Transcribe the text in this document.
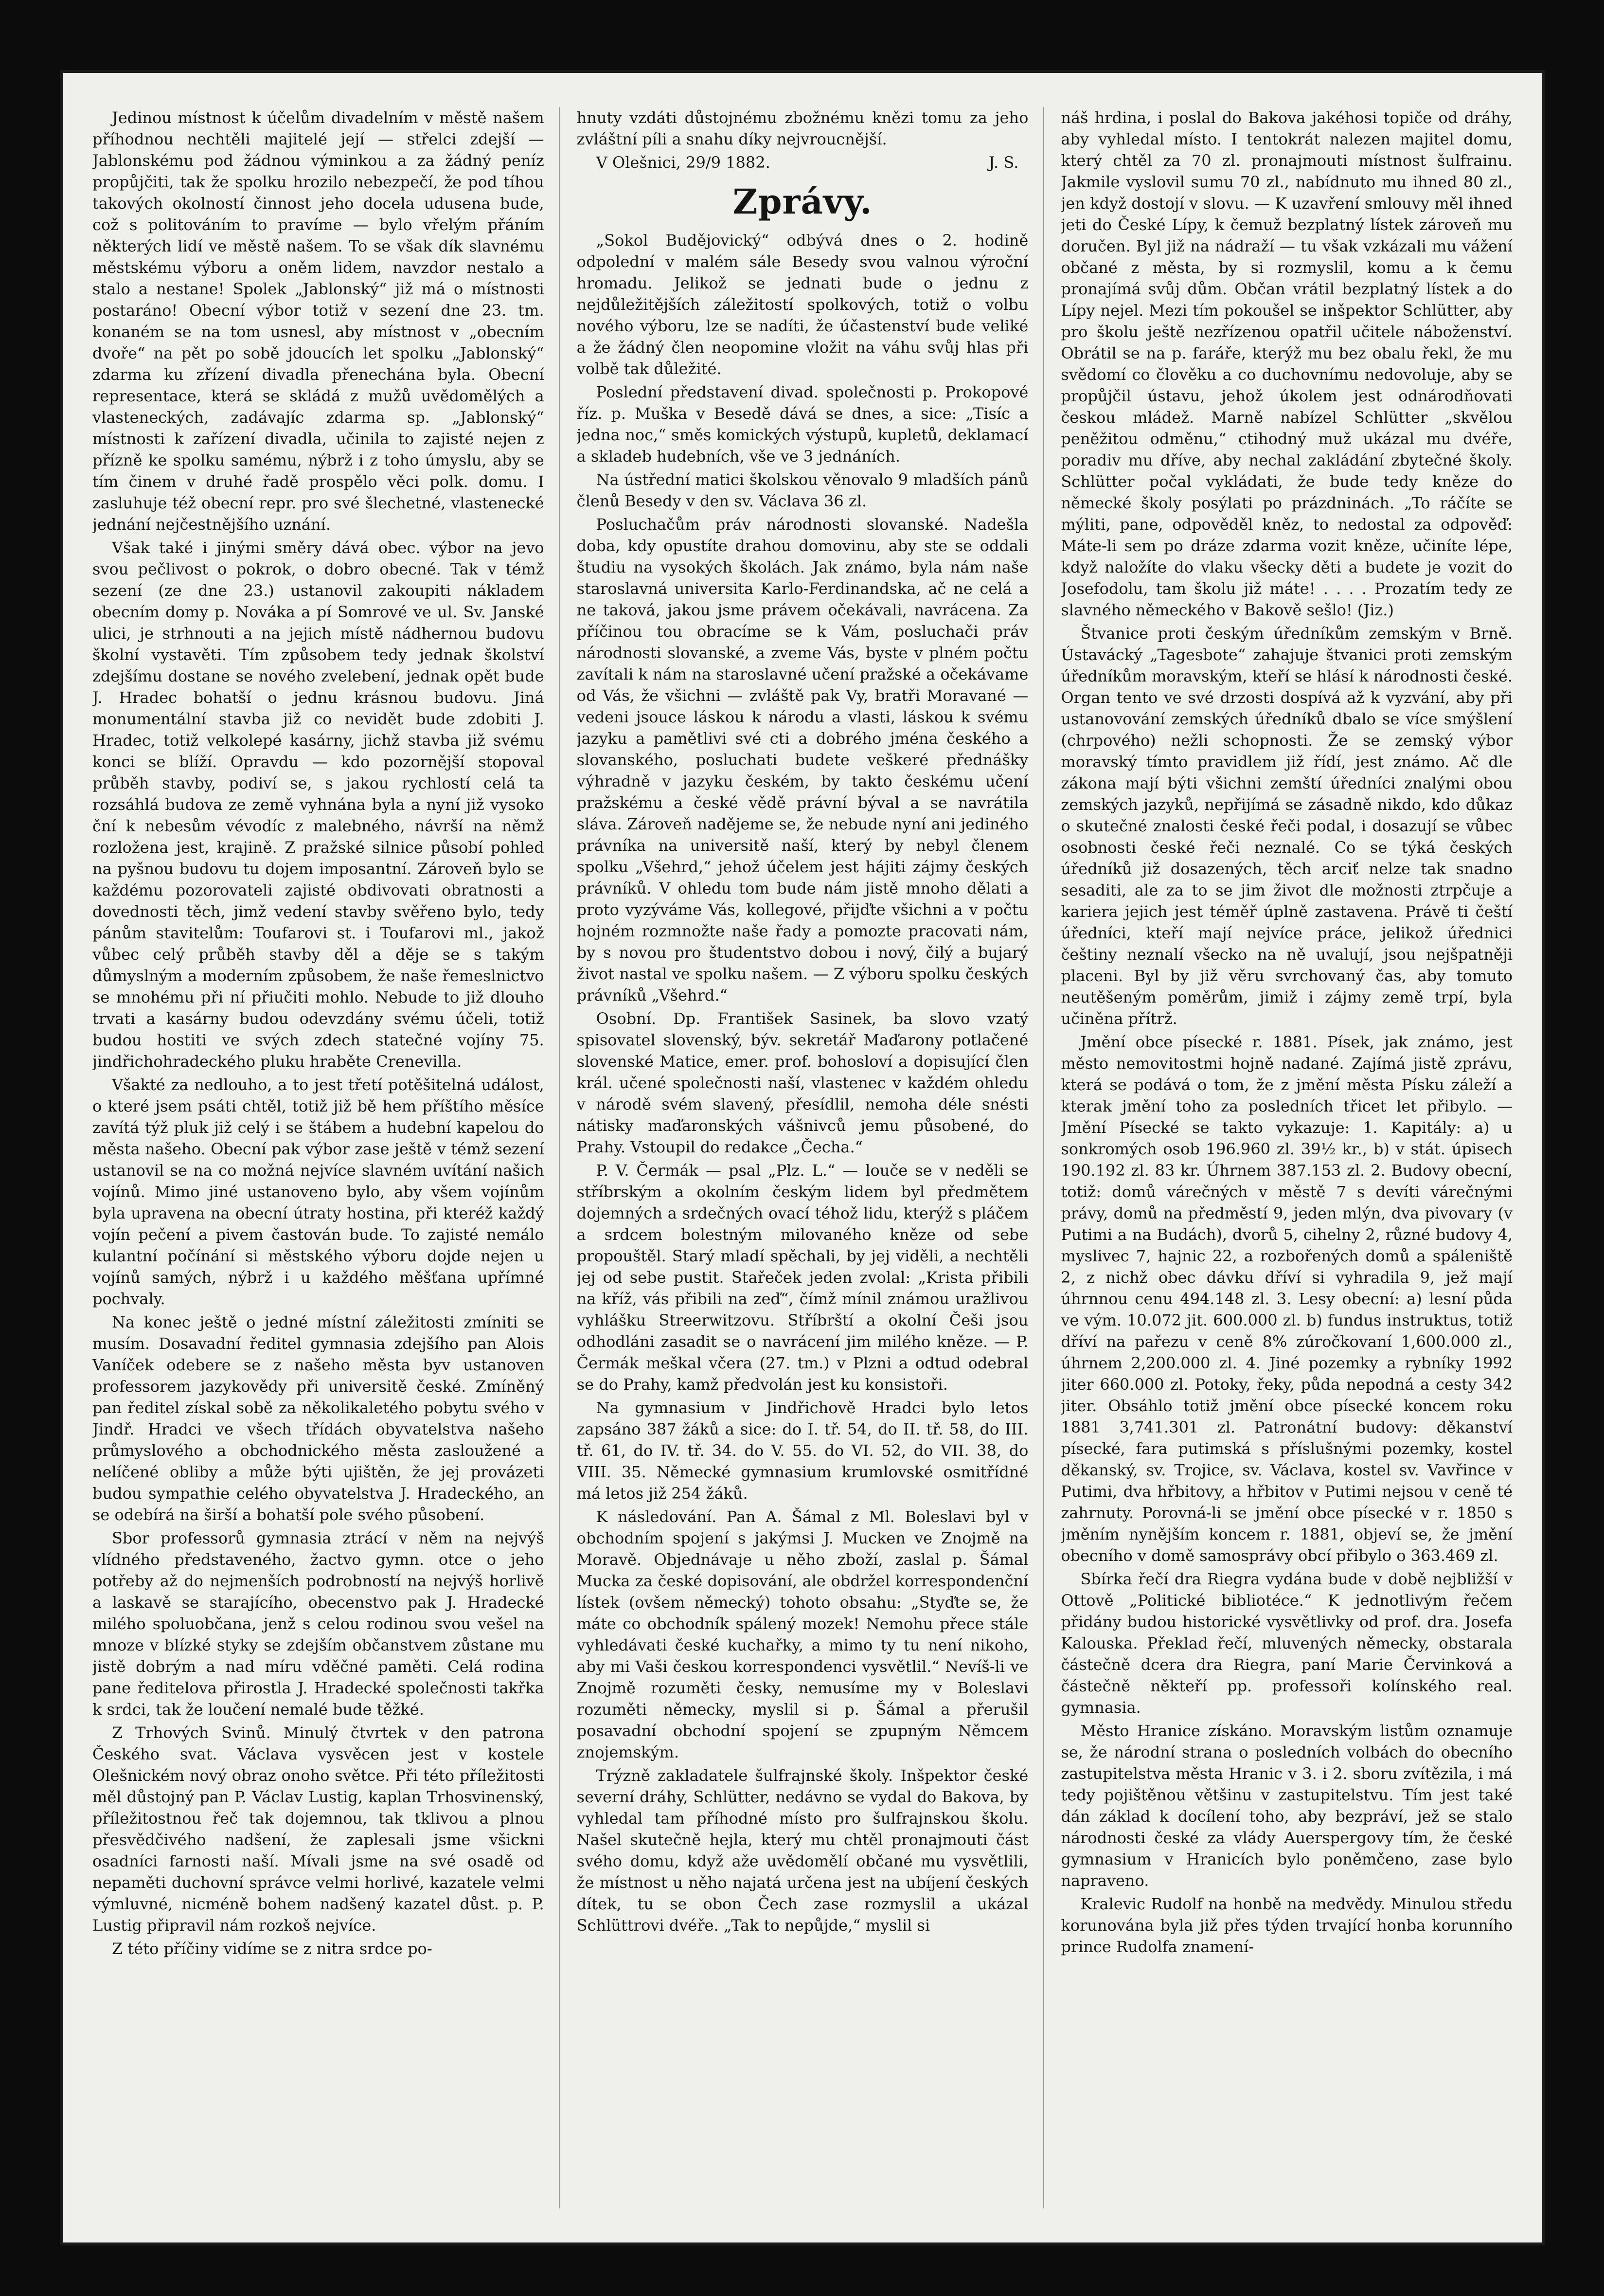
Jedinou místnost k účelům divadelním v městě našem příhodnou nechtěli majitelé její — střelci zdejší — Jablonskému pod žádnou výminkou a za žádný peníz propůjčiti, tak že spolku hrozilo nebezpečí, že pod tíhou takových okolností činnost jeho docela udusena bude, což s politováním to pravíme — bylo vřelým přáním některých lidí ve městě našem. To se však dík slavnému městskému výboru a oněm lidem, navzdor nestalo a stalo a nestane! Spolek „Jablonský“ již má o místnosti postaráno! Obecní výbor totiž v sezení dne 23. tm. konaném se na tom usnesl, aby místnost v „obecním dvoře“ na pět po sobě jdoucích let spolku „Jablonský“ zdarma ku zřízení divadla přenechána byla. Obecní representace, která se skládá z mužů uvědomělých a vlasteneckých, zadávajíc zdarma sp. „Jablonský“ místnosti k zařízení divadla, učinila to zajisté nejen z přízně ke spolku samému, nýbrž i z toho úmyslu, aby se tím činem v druhé řadě prospělo věci polk. domu. I zasluhuje též obecní repr. pro své šlechetné, vlastenecké jednání nejčestnějšího uznání.

Však také i jinými směry dává obec. výbor na jevo svou pečlivost o pokrok, o dobro obecné. Tak v témž sezení (ze dne 23.) ustanovil zakoupiti nákladem obecním domy p. Nováka a pí Somrové ve ul. Sv. Janské ulici, je strhnouti a na jejich místě nádhernou budovu školní vystavěti. Tím způsobem tedy jednak školství zdejšímu dostane se nového zvelebení, jednak opět bude J. Hradec bohatší o jednu krásnou budovu. Jiná monumentální stavba již co nevidět bude zdobiti J. Hradec, totiž velkolepé kasárny, jichž stavba již svému konci se blíží. Opravdu — kdo pozornější stopoval průběh stavby, podiví se, s jakou rychlostí celá ta rozsáhlá budova ze země vyhnána byla a nyní již vysoko ční k nebesům vévodíc z malebného, návrší na němž rozložena jest, krajině. Z pražské silnice působí pohled na pyšnou budovu tu dojem imposantní. Zároveň bylo se každému pozorovateli zajisté obdivovati obratnosti a dovednosti těch, jimž vedení stavby svěřeno bylo, tedy pánům stavitelům: Toufarovi st. i Toufarovi ml., jakož vůbec celý průběh stavby děl a děje se s takým důmyslným a moderním způsobem, že naše řemeslnictvo se mnohému při ní přiučiti mohlo. Nebude to již dlouho trvati a kasárny budou odevzdány svému účeli, totiž budou hostiti ve svých zdech statečné vojíny 75. jindřichohradeckého pluku hraběte Crenevilla.

Všakté za nedlouho, a to jest třetí potěšitelná událost, o které jsem psáti chtěl, totiž již bě hem příštího měsíce zavítá týž pluk již celý i se štábem a hudební kapelou do města našeho. Obecní pak výbor zase ještě v témž sezení ustanovil se na co možná nejvíce slavném uvítání našich vojínů. Mimo jiné ustanoveno bylo, aby všem vojínům byla upravena na obecní útraty hostina, při kteréž každý vojín pečení a pivem častován bude. To zajisté nemálo kulantní počínání si městského výboru dojde nejen u vojínů samých, nýbrž i u každého měšťana upřímné pochvaly.

Na konec ještě o jedné místní záležitosti zmíniti se musím. Dosavadní ředitel gymnasia zdejšího pan Alois Vaníček odebere se z našeho města byv ustanoven professorem jazykovědy při universitě české. Zmíněný pan ředitel získal sobě za několikaletého pobytu svého v Jindř. Hradci ve všech třídách obyvatelstva našeho průmyslového a obchodnického města zasloužené a nelíčené obliby a může býti ujištěn, že jej provázeti budou sympathie celého obyvatelstva J. Hradeckého, an se odebírá na širší a bohatší pole svého působení.

Sbor professorů gymnasia ztrácí v něm na nejvýš vlídného představeného, žactvo gymn. otce o jeho potřeby až do nejmenších podrobností na nejvýš horlivě a laskavě se starajícího, obecenstvo pak J. Hradecké milého spoluobčana, jenž s celou rodinou svou vešel na mnoze v blízké styky se zdejším občanstvem zůstane mu jistě dobrým a nad míru vděčné paměti. Celá rodina pane ředitelova přirostla J. Hradecké společnosti takřka k srdci, tak že loučení nemalé bude těžké.

Z Trhových Svinů. Minulý čtvrtek v den patrona Českého svat. Václava vysvěcen jest v kostele Olešnickém nový obraz onoho světce. Při této příležitosti měl důstojný pan P. Václav Lustig, kaplan Trhosvinenský, příležitostnou řeč tak dojemnou, tak tklivou a plnou přesvědčivého nadšení, že zaplesali jsme všickni osadníci farnosti naší. Mívali jsme na své osadě od nepaměti duchovní správce velmi horlivé, kazatele velmi výmluvné, nicméně bohem nadšený kazatel důst. p. P. Lustig připravil nám rozkoš nejvíce.

Z této příčiny vidíme se z nitra srdce po-

hnuty vzdáti důstojnému zbožnému knězi tomu za jeho zvláštní píli a snahu díky nejvroucnější.

V Olešnici, 29/9 1882.	J. S.
Zprávy.

„Sokol Budějovický“ odbývá dnes o 2. hodině odpolední v malém sále Besedy svou valnou výroční hromadu. Jelikož se jednati bude o jednu z nejdůležitějších záležitostí spolkových, totiž o volbu nového výboru, lze se nadíti, že účastenství bude veliké a že žádný člen neopomine vložit na váhu svůj hlas při volbě tak důležité.

Poslední představení divad. společnosti p. Prokopové říz. p. Muška v Besedě dává se dnes, a sice: „Tisíc a jedna noc,“ směs komických výstupů, kupletů, deklamací a skladeb hudebních, vše ve 3 jednáních.

Na ústřední matici školskou věnovalo 9 mladších pánů členů Besedy v den sv. Václava 36 zl.

Posluchačům práv národnosti slovanské. Nadešla doba, kdy opustíte drahou domovinu, aby ste se oddali študiu na vysokých školách. Jak známo, byla nám naše staroslavná universita Karlo-Ferdinandska, ač ne celá a ne taková, jakou jsme právem očekávali, navrácena. Za příčinou tou obracíme se k Vám, posluchači práv národnosti slovanské, a zveme Vás, byste v plném počtu zavítali k nám na staroslavné učení pražské a očekávame od Vás, že všichni — zvláště pak Vy, bratři Moravané — vedeni jsouce láskou k národu a vlasti, láskou k svému jazyku a pamětlivi své cti a dobrého jména českého a slovanského, posluchati budete veškeré přednášky výhradně v jazyku českém, by takto českému učení pražskému a české vědě právní býval a se navrátila sláva. Zároveň nadějeme se, že nebude nyní ani jediného právníka na universitě naší, který by nebyl členem spolku „Všehrd,“ jehož účelem jest hájiti zájmy českých právníků. V ohledu tom bude nám jistě mnoho dělati a proto vyzýváme Vás, kollegové, přijďte všichni a v počtu hojném rozmnožte naše řady a pomozte pracovati nám, by s novou pro študentstvo dobou i nový, čilý a bujarý život nastal ve spolku našem. — Z výboru spolku českých právníků „Všehrd.“

Osobní. Dp. František Sasinek, ba slovo vzatý spisovatel slovenský, býv. sekretář Maďarony potlačené slovenské Matice, emer. prof. bohosloví a dopisující člen král. učené společnosti naší, vlastenec v každém ohledu v národě svém slavený, přesídlil, nemoha déle snésti nátisky maďaronských vášnivců jemu působené, do Prahy. Vstoupil do redakce „Čecha.“

P. V. Čermák — psal „Plz. L.“ — louče se v neděli se stříbrským a okolním českým lidem byl předmětem dojemných a srdečných ovací téhož lidu, kterýž s pláčem a srdcem bolestným milovaného kněze od sebe propouštěl. Starý mladí spěchali, by jej viděli, a nechtěli jej od sebe pustit. Stařeček jeden zvolal: „Krista přibili na kříž, vás přibili na zeď“, čímž mínil známou uražlivou vyhlášku Streerwitzovu. Stříbrští a okolní Češi jsou odhodláni zasadit se o navrácení jim milého kněze. — P. Čermák meškal včera (27. tm.) v Plzni a odtud odebral se do Prahy, kamž předvolán jest ku konsistoři.

Na gymnasium v Jindřichově Hradci bylo letos zapsáno 387 žáků a sice: do I. tř. 54, do II. tř. 58, do III. tř. 61, do IV. tř. 34. do V. 55. do VI. 52, do VII. 38, do VIII. 35. Německé gymnasium krumlovské osmitřídné má letos již 254 žáků.

K následování. Pan A. Šámal z Ml. Boleslavi byl v obchodním spojení s jakýmsi J. Mucken ve Znojmě na Moravě. Objednávaje u něho zboží, zaslal p. Šámal Mucka za české dopisování, ale obdržel korrespondenční lístek (ovšem německý) tohoto obsahu: „Styďte se, že máte co obchodník spálený mozek! Nemohu přece stále vyhledávati české kuchařky, a mimo ty tu není nikoho, aby mi Vaši českou korrespondenci vysvětlil.“ Nevíš-li ve Znojmě rozuměti česky, nemusíme my v Boleslavi rozuměti německy, myslil si p. Šámal a přerušil posavadní obchodní spojení se zpupným Němcem znojemským.

Trýzně zakladatele šulfrajnské školy. Inšpektor české severní dráhy, Schlütter, nedávno se vydal do Bakova, by vyhledal tam příhodné místo pro šulfrajnskou školu. Našel skutečně hejla, který mu chtěl pronajmouti část svého domu, když aže uvědomělí občané mu vysvětlili, že místnost u něho najatá určena jest na ubíjení českých dítek, tu se obon Čech zase rozmyslil a ukázal Schlüttrovi dvéře. „Tak to nepůjde,“ myslil si

náš hrdina, i poslal do Bakova jakéhosi topiče od dráhy, aby vyhledal místo. I tentokrát nalezen majitel domu, který chtěl za 70 zl. pronajmouti místnost šulfrainu. Jakmile vyslovil sumu 70 zl., nabídnuto mu ihned 80 zl., jen když dostojí v slovu. — K uzavření smlouvy měl ihned jeti do České Lípy, k čemuž bezplatný lístek zároveň mu doručen. Byl již na nádraží — tu však vzkázali mu vážení občané z města, by si rozmyslil, komu a k čemu pronajímá svůj dům. Občan vrátil bezplatný lístek a do Lípy nejel. Mezi tím pokoušel se inšpektor Schlütter, aby pro školu ještě nezřízenou opatřil učitele náboženství. Obrátil se na p. faráře, kterýž mu bez obalu řekl, že mu svědomí co člověku a co duchovnímu nedovoluje, aby se propůjčil ústavu, jehož úkolem jest odnárodňovati českou mládež. Marně nabízel Schlütter „skvělou peněžitou odměnu,“ ctihodný muž ukázal mu dvéře, poradiv mu dříve, aby nechal zakládání zbytečné školy. Schlütter počal vykládati, že bude tedy kněze do německé školy posýlati po prázdninách. „To ráčíte se mýliti, pane, odpověděl kněz, to nedostal za odpověď: Máte-li sem po dráze zdarma vozit kněze, učiníte lépe, když naložíte do vlaku všecky děti a budete je vozit do Josefodolu, tam školu již máte! . . . . Prozatím tedy ze slavného německého v Bakově sešlo! (Jiz.)

Štvanice proti českým úředníkům zemským v Brně. Ústavácký „Tagesbote“ zahajuje štvanici proti zemským úředníkům moravským, kteří se hlásí k národnosti české. Organ tento ve své drzosti dospívá až k vyzvání, aby při ustanovování zemských úředníků dbalo se více smýšlení (chrpového) nežli schopnosti. Že se zemský výbor moravský tímto pravidlem již řídí, jest známo. Ač dle zákona mají býti všichni zemští úředníci znalými obou zemských jazyků, nepřijímá se zásadně nikdo, kdo důkaz o skutečné znalosti české řeči podal, i dosazují se vůbec osobnosti české řeči neznalé. Co se týká českých úředníků již dosazených, těch arciť nelze tak snadno sesaditi, ale za to se jim život dle možnosti ztrpčuje a kariera jejich jest téměř úplně zastavena. Právě ti čeští úředníci, kteří mají nejvíce práce, jelikož úřednici češtiny neznalí všecko na ně uvalují, jsou nejšpatněji placeni. Byl by již věru svrchovaný čas, aby tomuto neutěšeným poměrům, jimiž i zájmy země trpí, byla učiněna přítrž.

Jmění obce písecké r. 1881. Písek, jak známo, jest město nemovitostmi hojně nadané. Zajímá jistě zprávu, která se podává o tom, že z jmění města Písku záleží a kterak jmění toho za posledních třicet let přibylo. — Jmění Písecké se takto vykazuje: 1. Kapitály: a) u sonkromých osob 196.960 zl. 39½ kr., b) v stát. úpisech 190.192 zl. 83 kr. Úhrnem 387.153 zl. 2. Budovy obecní, totiž: domů várečných v městě 7 s devíti várečnými právy, domů na předměstí 9, jeden mlýn, dva pivovary (v Putimi a na Budách), dvorů 5, cihelny 2, různé budovy 4, myslivec 7, hajnic 22, a rozbořených domů a spáleniště 2, z nichž obec dávku dříví si vyhradila 9, jež mají úhrnnou cenu 494.148 zl. 3. Lesy obecní: a) lesní půda ve vým. 10.072 jit. 600.000 zl. b) fundus instruktus, totiž dříví na pařezu v ceně 8% zúročkovaní 1,600.000 zl., úhrnem 2,200.000 zl. 4. Jiné pozemky a rybníky 1992 jiter 660.000 zl. Potoky, řeky, půda nepodná a cesty 342 jiter. Obsáhlo totiž jmění obce písecké koncem roku 1881 3,741.301 zl. Patronátní budovy: děkanství písecké, fara putimská s příslušnými pozemky, kostel děkanský, sv. Trojice, sv. Václava, kostel sv. Vavřince v Putimi, dva hřbitovy, a hřbitov v Putimi nejsou v ceně té zahrnuty. Porovná-li se jmění obce písecké v r. 1850 s jměním nynějším koncem r. 1881, objeví se, že jmění obecního v domě samosprávy obcí přibylo o 363.469 zl.

Sbírka řečí dra Riegra vydána bude v době nejbližší v Ottově „Politické bibliotéce.“ K jednotlivým řečem přidány budou historické vysvětlivky od prof. dra. Josefa Kalouska. Překlad řečí, mluvených německy, obstarala částečně dcera dra Riegra, paní Marie Červinková a částečně někteří pp. professoři kolínského real. gymnasia.

Město Hranice získáno. Moravským listům oznamuje se, že národní strana o posledních volbách do obecního zastupitelstva města Hranic v 3. i 2. sboru zvítězila, i má tedy pojištěnou většinu v zastupitelstvu. Tím jest také dán základ k docílení toho, aby bezpráví, jež se stalo národnosti české za vlády Auerspergovy tím, že české gymnasium v Hranicích bylo poněmčeno, zase bylo napraveno.

Kralevic Rudolf na honbě na medvědy. Minulou středu korunována byla již přes týden trvající honba korunního prince Rudolfa znamení-
